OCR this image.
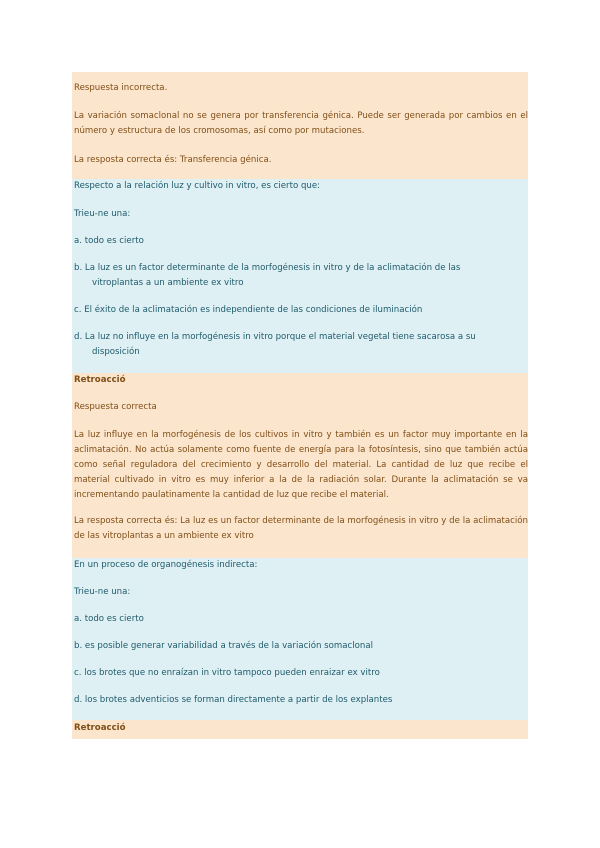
Respuesta incorrecta.
La variación somaclonal no se genera por transferencia génica. Puede ser generada por cambios en el número y estructura de los cromosomas, así como por mutaciones.
La resposta correcta és: Transferencia génica.
Respecto a la relación luz y cultivo in vitro, es cierto que:
Trieu-ne una:
a. todo es cierto
b. La luz es un factor determinante de la morfogénesis in vitro y de la aclimatación de las
vitroplantas a un ambiente ex vitro
c. El éxito de la aclimatación es independiente de las condiciones de iluminación
d. La luz no influye en la morfogénesis in vitro porque el material vegetal tiene sacarosa a su
disposición
Retroacció
Respuesta correcta
La luz influye en la morfogénesis de los cultivos in vitro y también es un factor muy importante en la aclimatación. No actúa solamente como fuente de energía para la fotosíntesis, sino que también actúa como señal reguladora del crecimiento y desarrollo del material. La cantidad de luz que recibe el material cultivado in vitro es muy inferior a la de la radiación solar. Durante la aclimatación se va incrementando paulatinamente la cantidad de luz que recibe el material.
La resposta correcta és: La luz es un factor determinante de la morfogénesis in vitro y de la aclimatación de las vitroplantas a un ambiente ex vitro
En un proceso de organogénesis indirecta:
Trieu-ne una:
a. todo es cierto
b. es posible generar variabilidad a través de la variación somaclonal
c. los brotes que no enraízan in vitro tampoco pueden enraizar ex vitro
d. los brotes adventicios se forman directamente a partir de los explantes
Retroacció
